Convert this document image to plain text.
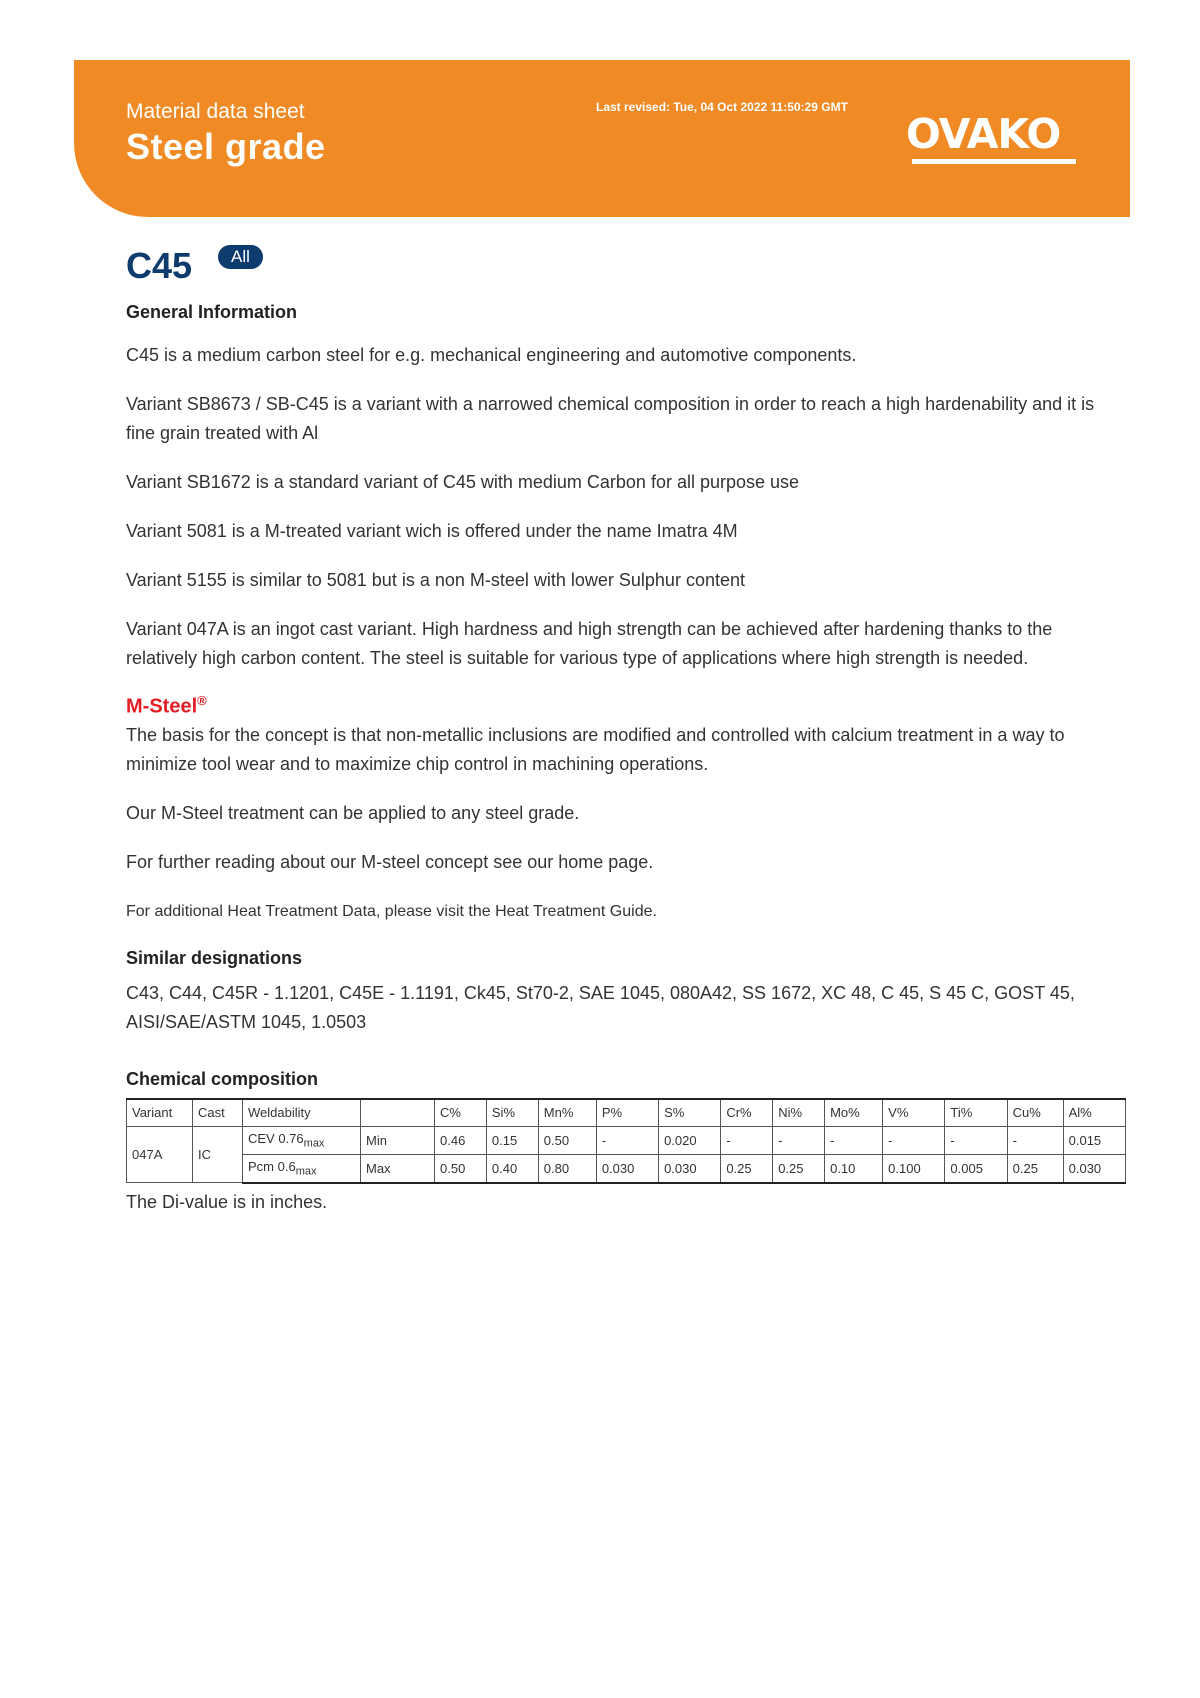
Material data sheet
Steel grade
Last revised: Tue, 04 Oct 2022 11:50:29 GMT
OVAKO
C45	All
General Information

C45 is a medium carbon steel for e.g. mechanical engineering and automotive components.

Variant SB8673 / SB-C45 is a variant with a narrowed chemical composition in order to reach a high hardenability and it is fine grain treated with Al

Variant SB1672 is a standard variant of C45 with medium Carbon for all purpose use

Variant 5081 is a M-treated variant wich is offered under the name Imatra 4M

Variant 5155 is similar to 5081 but is a non M-steel with lower Sulphur content

Variant 047A is an ingot cast variant. High hardness and high strength can be achieved after hardening thanks to the relatively high carbon content. The steel is suitable for various type of applications where high strength is needed.

M-Steel®

The basis for the concept is that non-metallic inclusions are modified and controlled with calcium treatment in a way to minimize tool wear and to maximize chip control in machining operations.

Our M-Steel treatment can be applied to any steel grade.

For further reading about our M-steel concept see our home page.

For additional Heat Treatment Data, please visit the Heat Treatment Guide.

Similar designations

C43, C44, C45R - 1.1201, C45E - 1.1191, Ck45, St70-2, SAE 1045, 080A42, SS 1672, XC 48, C 45, S 45 C, GOST 45, AISI/SAE/ASTM 1045, 1.0503

Chemical composition
Variant	Cast	Weldability		C%	Si%	Mn%	P%	S%	Cr%	Ni%	Mo%	V%	Ti%	Cu%	Al%
047A	IC	CEV $0.76_{max}$	Min	0.46	0.15	0.50	-	0.020	-	-	-	-	-	-	0.015
		Pcm $0.6_{max}$	Max	0.50	0.40	0.80	0.030	0.030	0.25	0.25	0.10	0.100	0.005	0.25	0.030
The Di-value is in inches.
